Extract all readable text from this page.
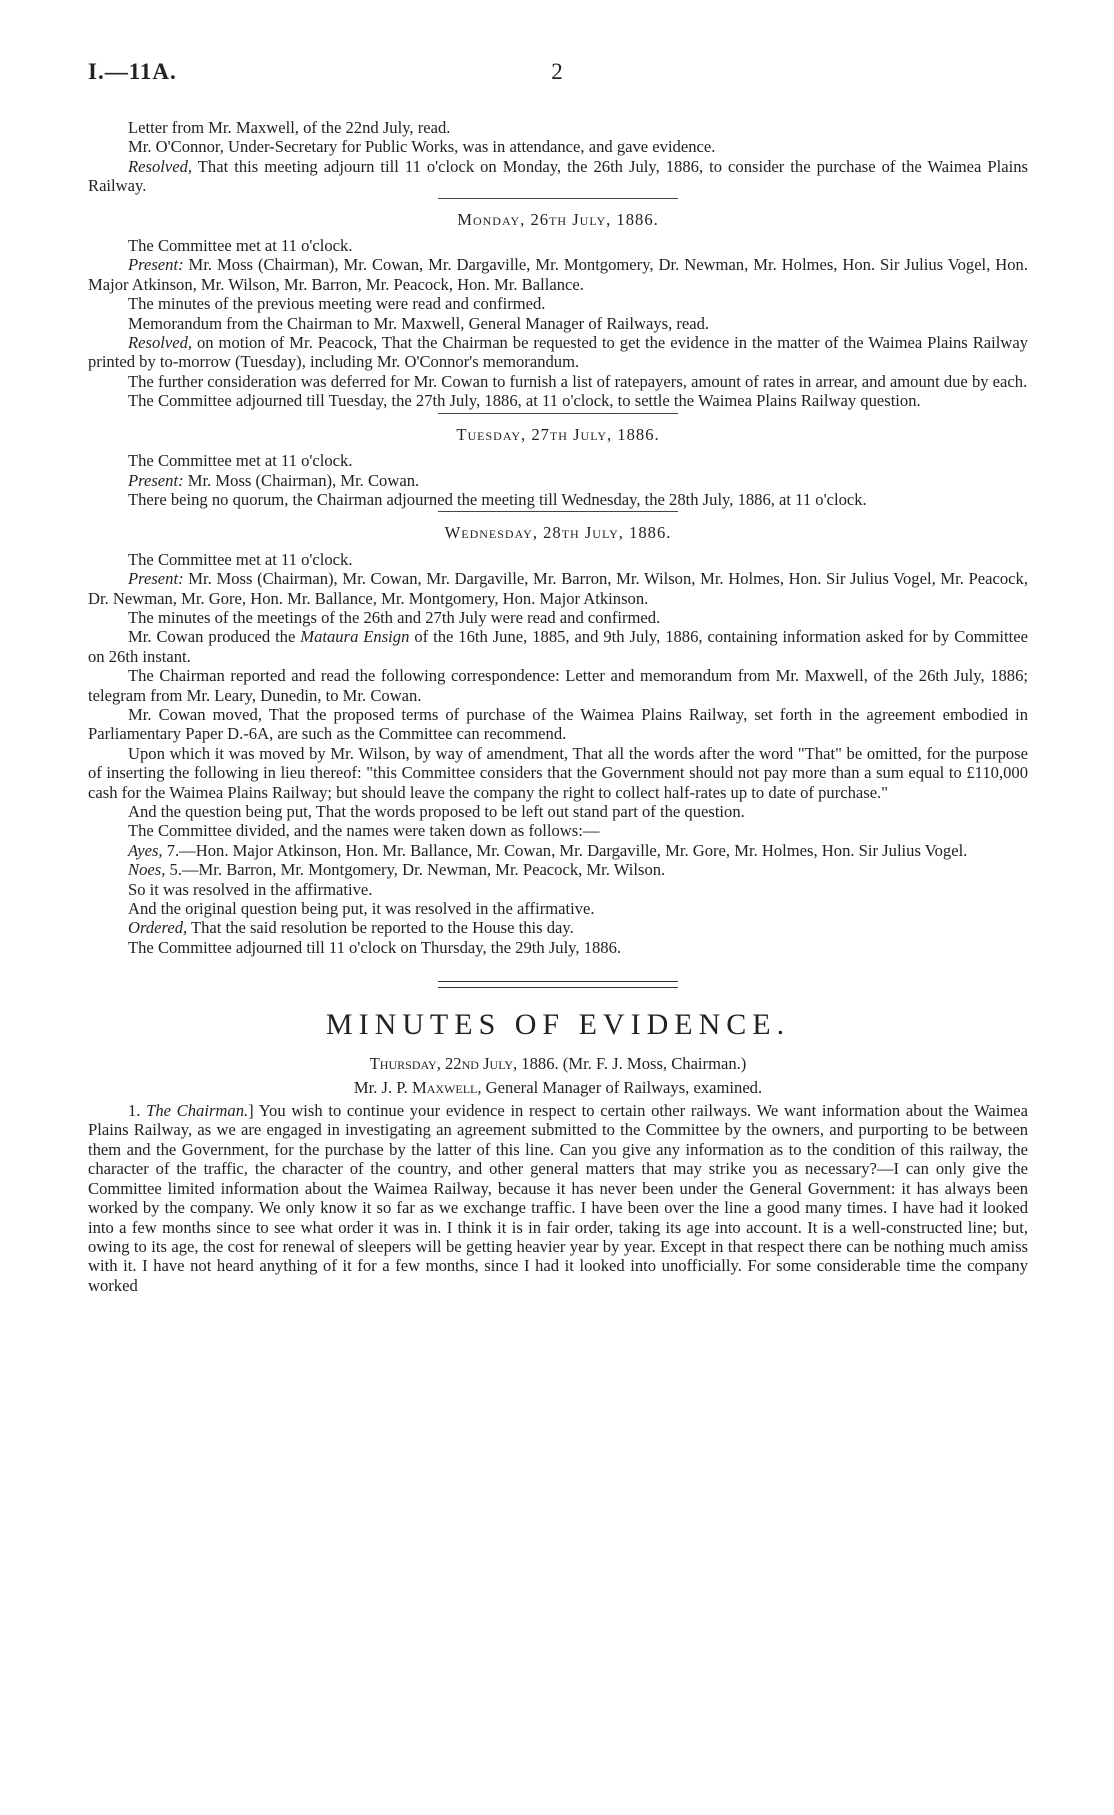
I.—11A.	2

Letter from Mr. Maxwell, of the 22nd July, read.

Mr. O'Connor, Under-Secretary for Public Works, was in attendance, and gave evidence.

Resolved, That this meeting adjourn till 11 o'clock on Monday, the 26th July, 1886, to consider the purchase of the Waimea Plains Railway.

Monday, 26th July, 1886.

The Committee met at 11 o'clock.

Present: Mr. Moss (Chairman), Mr. Cowan, Mr. Dargaville, Mr. Montgomery, Dr. Newman, Mr. Holmes, Hon. Sir Julius Vogel, Hon. Major Atkinson, Mr. Wilson, Mr. Barron, Mr. Peacock, Hon. Mr. Ballance.

The minutes of the previous meeting were read and confirmed.

Memorandum from the Chairman to Mr. Maxwell, General Manager of Railways, read.

Resolved, on motion of Mr. Peacock, That the Chairman be requested to get the evidence in the matter of the Waimea Plains Railway printed by to-morrow (Tuesday), including Mr. O'Connor's memorandum.

The further consideration was deferred for Mr. Cowan to furnish a list of ratepayers, amount of rates in arrear, and amount due by each.

The Committee adjourned till Tuesday, the 27th July, 1886, at 11 o'clock, to settle the Waimea Plains Railway question.

Tuesday, 27th July, 1886.

The Committee met at 11 o'clock.

Present: Mr. Moss (Chairman), Mr. Cowan.

There being no quorum, the Chairman adjourned the meeting till Wednesday, the 28th July, 1886, at 11 o'clock.

Wednesday, 28th July, 1886.

The Committee met at 11 o'clock.

Present: Mr. Moss (Chairman), Mr. Cowan, Mr. Dargaville, Mr. Barron, Mr. Wilson, Mr. Holmes, Hon. Sir Julius Vogel, Mr. Peacock, Dr. Newman, Mr. Gore, Hon. Mr. Ballance, Mr. Montgomery, Hon. Major Atkinson.

The minutes of the meetings of the 26th and 27th July were read and confirmed.

Mr. Cowan produced the Mataura Ensign of the 16th June, 1885, and 9th July, 1886, containing information asked for by Committee on 26th instant.

The Chairman reported and read the following correspondence: Letter and memorandum from Mr. Maxwell, of the 26th July, 1886; telegram from Mr. Leary, Dunedin, to Mr. Cowan.

Mr. Cowan moved, That the proposed terms of purchase of the Waimea Plains Railway, set forth in the agreement embodied in Parliamentary Paper D.-6A, are such as the Committee can recommend.

Upon which it was moved by Mr. Wilson, by way of amendment, That all the words after the word "That" be omitted, for the purpose of inserting the following in lieu thereof: "this Committee considers that the Government should not pay more than a sum equal to £110,000 cash for the Waimea Plains Railway; but should leave the company the right to collect half-rates up to date of purchase."

And the question being put, That the words proposed to be left out stand part of the question.

The Committee divided, and the names were taken down as follows:—

Ayes, 7.—Hon. Major Atkinson, Hon. Mr. Ballance, Mr. Cowan, Mr. Dargaville, Mr. Gore, Mr. Holmes, Hon. Sir Julius Vogel.

Noes, 5.—Mr. Barron, Mr. Montgomery, Dr. Newman, Mr. Peacock, Mr. Wilson.

So it was resolved in the affirmative.

And the original question being put, it was resolved in the affirmative.

Ordered, That the said resolution be reported to the House this day.

The Committee adjourned till 11 o'clock on Thursday, the 29th July, 1886.

MINUTES OF EVIDENCE.

Thursday, 22nd July, 1886. (Mr. F. J. Moss, Chairman.)

Mr. J. P. Maxwell, General Manager of Railways, examined.

1. The Chairman.] You wish to continue your evidence in respect to certain other railways. We want information about the Waimea Plains Railway, as we are engaged in investigating an agreement submitted to the Committee by the owners, and purporting to be between them and the Government, for the purchase by the latter of this line. Can you give any information as to the condition of this railway, the character of the traffic, the character of the country, and other general matters that may strike you as necessary?—I can only give the Committee limited information about the Waimea Railway, because it has never been under the General Government: it has always been worked by the company. We only know it so far as we exchange traffic. I have been over the line a good many times. I have had it looked into a few months since to see what order it was in. I think it is in fair order, taking its age into account. It is a well-constructed line; but, owing to its age, the cost for renewal of sleepers will be getting heavier year by year. Except in that respect there can be nothing much amiss with it. I have not heard anything of it for a few months, since I had it looked into unofficially. For some considerable time the company worked
